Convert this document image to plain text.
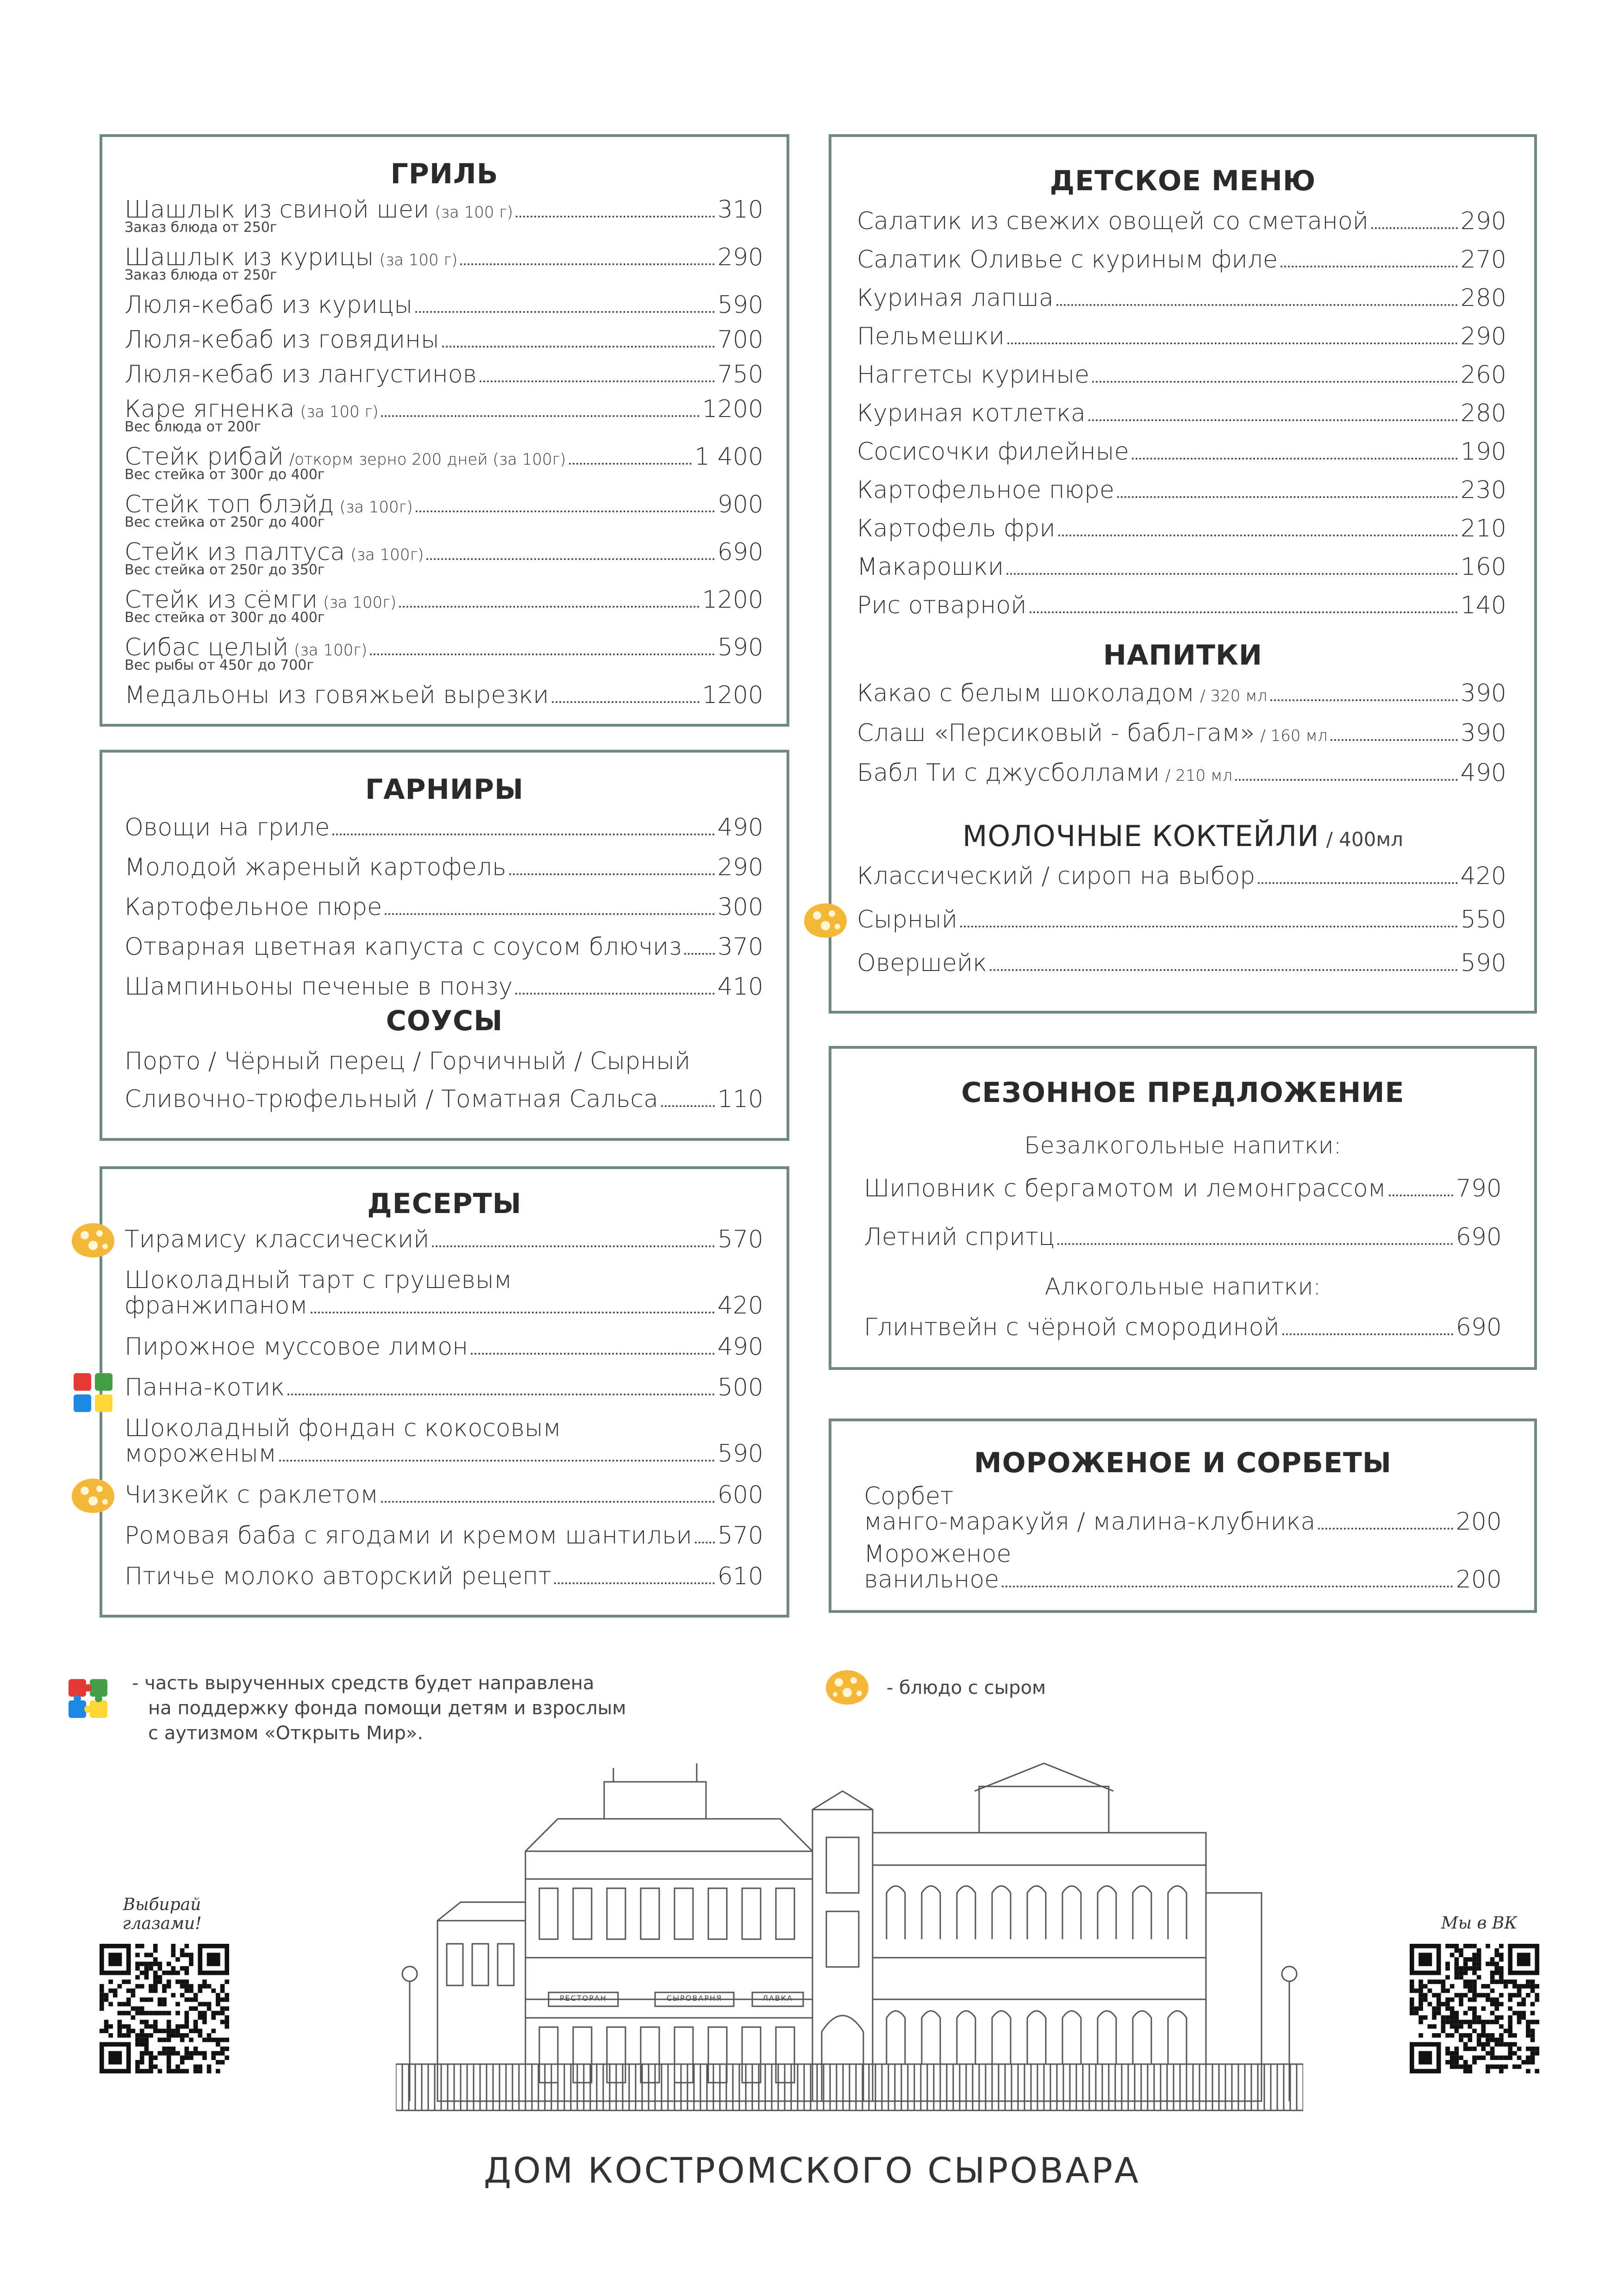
ГРИЛЬ
Шашлык из свиной шеи (за 100 г)	310
Заказ блюда от 250г
Шашлык из курицы (за 100 г)	290
Заказ блюда от 250г
Люля-кебаб из курицы	590
Люля-кебаб из говядины	700
Люля-кебаб из лангустинов	750
Каре ягненка (за 100 г)	1200
Вес блюда от 200г
Стейк рибай /откорм зерно 200 дней (за 100г)	1 400
Вес стейка от 300г до 400г
Стейк топ блэйд (за 100г)	900
Вес стейка от 250г до 400г
Стейк из палтуса (за 100г)	690
Вес стейка от 250г до 350г
Стейк из сёмги (за 100г)	1200
Вес стейка от 300г до 400г
Сибас целый (за 100г)	590
Вес рыбы от 450г до 700г
Медальоны из говяжьей вырезки	1200
ГАРНИРЫ
Овощи на гриле	490
Молодой жареный картофель	290
Картофельное пюре	300
Отварная цветная капуста с соусом блючиз 370
Шампиньоны печеные в понзу	410
СОУСЫ
Порто / Чёрный перец / Горчичный / Сырный
Сливочно-трюфельный / Томатная Сальса 110
ДЕСЕРТЫ
Тирамису классический	570
Шоколадный тарт с грушевым
франжипаном	420
Пирожное муссовое лимон	490
Панна-котик	500
Шоколадный фондан с кокосовым
мороженым	590
Чизкейк с раклетом	600
Ромовая баба с ягодами и кремом шантильи 570
Птичье молоко авторский рецепт	610
ДЕТСКОЕ МЕНЮ
Салатик из свежих овощей со сметаной	290
Салатик Оливье с куриным филе	270
Куриная лапша	280
Пельмешки	290
Наггетсы куриные	260
Куриная котлетка	280
Сосисочки филейные	190
Картофельное пюре	230
Картофель фри	210
Макарошки	160
Рис отварной	140
НАПИТКИ
Какао с белым шоколадом / 320 мл	390
Слаш «Персиковый - бабл-гам» / 160 мл	390
Бабл Ти с джусболлами / 210 мл	490
МОЛОЧНЫЕ КОКТЕЙЛИ / 400мл
Классический / сироп на выбор	420
Сырный	550
Овершейк	590
СЕЗОННОЕ ПРЕДЛОЖЕНИЕ
Безалкогольные напитки:
Шиповник с бергамотом и лемонграссом	790
Летний спритц	690
Алкогольные напитки:
Глинтвейн с чёрной смородиной	690
МОРОЖЕНОЕ И СОРБЕТЫ
Сорбет
манго-маракуйя / малина-клубника	200
Мороженое
ванильное	200
- часть вырученных средств будет направлена
на поддержку фонда помощи детям и взрослым
с аутизмом «Открыть Мир».
- блюдо с сыром
Выбирай
глазами!	Мы в ВК
РЕСТОРАН	СЫРОВАРНЯ	ЛАВКА
ДОМ КОСТРОМСКОГО СЫРОВАРА
